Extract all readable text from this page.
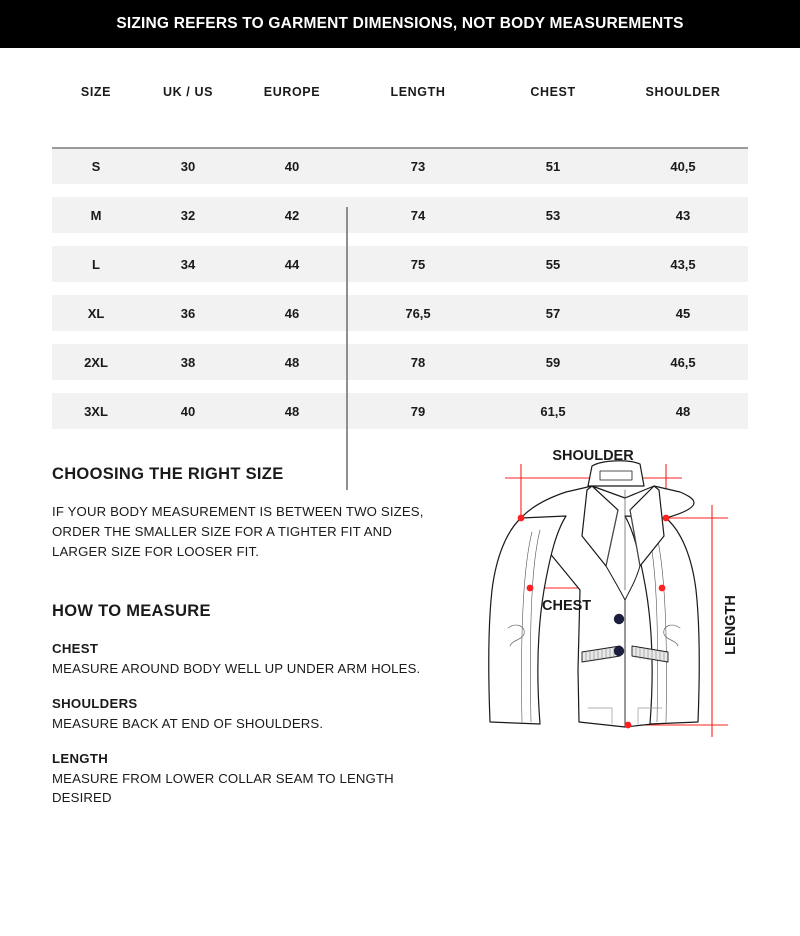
SIZING REFERS TO GARMENT DIMENSIONS, NOT BODY MEASUREMENTS
SIZE	UK / US	EUROPE	LENGTH	CHEST	SHOULDER
S	30	40	73	51	40,5

M	32	42	74	53	43

L	34	44	75	55	43,5

XL	36	46	76,5	57	45

2XL	38	48	78	59	46,5

3XL	40	48	79	61,5	48
CHOOSING THE RIGHT SIZE
IF YOUR BODY MEASUREMENT IS BETWEEN TWO SIZES,
ORDER THE SMALLER SIZE FOR A TIGHTER FIT AND
LARGER SIZE FOR LOOSER FIT.
HOW TO MEASURE
CHEST
MEASURE AROUND BODY WELL UP UNDER ARM HOLES.
SHOULDERS
MEASURE BACK AT END OF SHOULDERS.
LENGTH
MEASURE FROM LOWER COLLAR SEAM TO LENGTH
DESIRED
SHOULDER
CHEST	LENGTH
